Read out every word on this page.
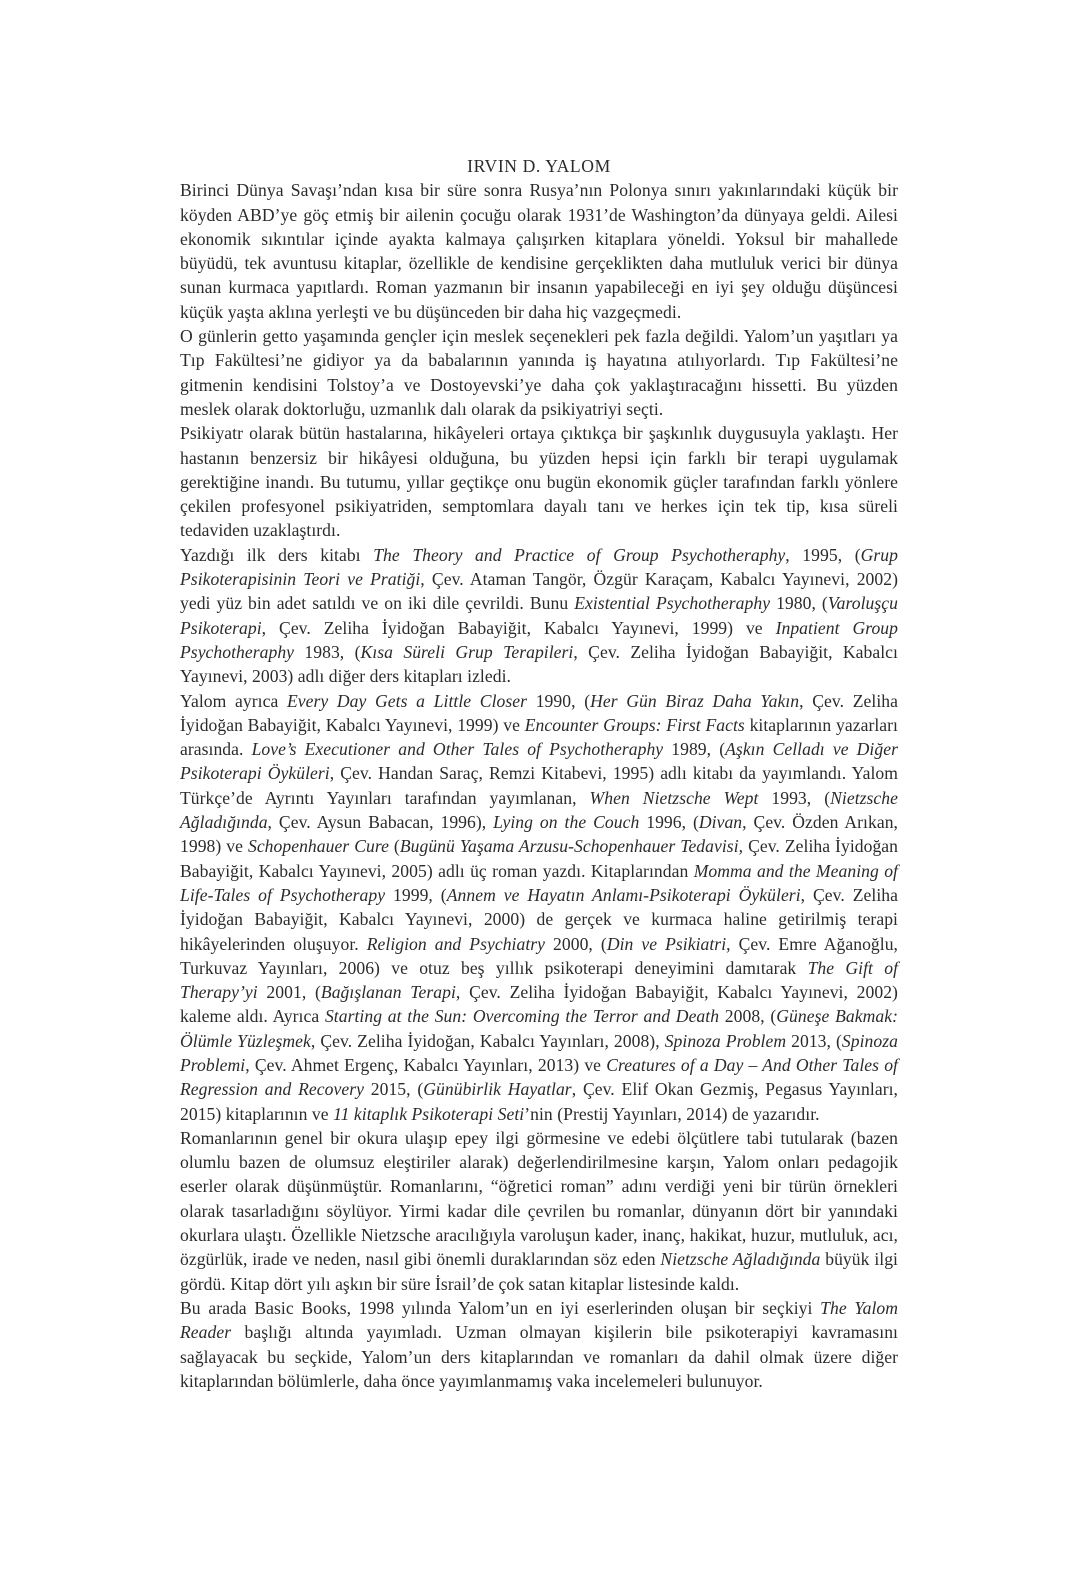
IRVIN D. YALOM

Birinci Dünya Savaşı’ndan kısa bir süre sonra Rusya’nın Polonya sınırı yakınlarındaki küçük bir köyden ABD’ye göç etmiş bir ailenin çocuğu olarak 1931’de Washington’da dünyaya geldi. Ailesi ekonomik sıkıntılar içinde ayakta kalmaya çalışırken kitaplara yöneldi. Yoksul bir mahallede büyüdü, tek avuntusu kitaplar, özellikle de kendisine gerçeklikten daha mutluluk verici bir dünya sunan kurmaca yapıtlardı. Roman yazmanın bir insanın yapabileceği en iyi şey olduğu düşüncesi küçük yaşta aklına yerleşti ve bu düşünceden bir daha hiç vazgeçmedi.

O günlerin getto yaşamında gençler için meslek seçenekleri pek fazla değildi. Yalom’un yaşıtları ya Tıp Fakültesi’ne gidiyor ya da babalarının yanında iş hayatına atılıyorlardı. Tıp Fakültesi’ne gitmenin kendisini Tolstoy’a ve Dostoyevski’ye daha çok yaklaştıracağını hissetti. Bu yüzden meslek olarak doktorluğu, uzmanlık dalı olarak da psikiyatriyi seçti.

Psikiyatr olarak bütün hastalarına, hikâyeleri ortaya çıktıkça bir şaşkınlık duygusuyla yaklaştı. Her hastanın benzersiz bir hikâyesi olduğuna, bu yüzden hepsi için farklı bir terapi uygulamak gerektiğine inandı. Bu tutumu, yıllar geçtikçe onu bugün ekonomik güçler tarafından farklı yönlere çekilen profesyonel psikiyatriden, semptomlara dayalı tanı ve herkes için tek tip, kısa süreli tedaviden uzaklaştırdı.

Yazdığı ilk ders kitabı The Theory and Practice of Group Psychotheraphy, 1995, (Grup Psikoterapisinin Teori ve Pratiği, Çev. Ataman Tangör, Özgür Karaçam, Kabalcı Yayınevi, 2002) yedi yüz bin adet satıldı ve on iki dile çevrildi. Bunu Existential Psychotheraphy 1980, (Varoluşçu Psikoterapi, Çev. Zeliha İyidoğan Babayiğit, Kabalcı Yayınevi, 1999) ve Inpatient Group Psychotheraphy 1983, (Kısa Süreli Grup Terapileri, Çev. Zeliha İyidoğan Babayiğit, Kabalcı Yayınevi, 2003) adlı diğer ders kitapları izledi.

Yalom ayrıca Every Day Gets a Little Closer 1990, (Her Gün Biraz Daha Yakın, Çev. Zeliha İyidoğan Babayiğit, Kabalcı Yayınevi, 1999) ve Encounter Groups: First Facts kitaplarının yazarları arasında. Love’s Executioner and Other Tales of Psychotheraphy 1989, (Aşkın Celladı ve Diğer Psikoterapi Öyküleri, Çev. Handan Saraç, Remzi Kitabevi, 1995) adlı kitabı da yayımlandı. Yalom Türkçe’de Ayrıntı Yayınları tarafından yayımlanan, When Nietzsche Wept 1993, (Nietzsche Ağladığında, Çev. Aysun Babacan, 1996), Lying on the Couch 1996, (Divan, Çev. Özden Arıkan, 1998) ve Schopenhauer Cure (Bugünü Yaşama Arzusu-Schopenhauer Tedavisi, Çev. Zeliha İyidoğan Babayiğit, Kabalcı Yayınevi, 2005) adlı üç roman yazdı. Kitaplarından Momma and the Meaning of Life-Tales of Psychotherapy 1999, (Annem ve Hayatın Anlamı-Psikoterapi Öyküleri, Çev. Zeliha İyidoğan Babayiğit, Kabalcı Yayınevi, 2000) de gerçek ve kurmaca haline getirilmiş terapi hikâyelerinden oluşuyor. Religion and Psychiatry 2000, (Din ve Psikiatri, Çev. Emre Ağanoğlu, Turkuvaz Yayınları, 2006) ve otuz beş yıllık psikoterapi deneyimini damıtarak The Gift of Therapy’yi 2001, (Bağışlanan Terapi, Çev. Zeliha İyidoğan Babayiğit, Kabalcı Yayınevi, 2002) kaleme aldı. Ayrıca Starting at the Sun: Overcoming the Terror and Death 2008, (Güneşe Bakmak: Ölümle Yüzleşmek, Çev. Zeliha İyidoğan, Kabalcı Yayınları, 2008), Spinoza Problem 2013, (Spinoza Problemi, Çev. Ahmet Ergenç, Kabalcı Yayınları, 2013) ve Creatures of a Day – And Other Tales of Regression and Recovery 2015, (Günübirlik Hayatlar, Çev. Elif Okan Gezmiş, Pegasus Yayınları, 2015) kitaplarının ve 11 kitaplık Psikoterapi Seti’nin (Prestij Yayınları, 2014) de yazarıdır.

Romanlarının genel bir okura ulaşıp epey ilgi görmesine ve edebi ölçütlere tabi tutularak (bazen olumlu bazen de olumsuz eleştiriler alarak) değerlendirilmesine karşın, Yalom onları pedagojik eserler olarak düşünmüştür. Romanlarını, “öğretici roman” adını verdiği yeni bir türün örnekleri olarak tasarladığını söylüyor. Yirmi kadar dile çevrilen bu romanlar, dünyanın dört bir yanındaki okurlara ulaştı. Özellikle Nietzsche aracılığıyla varoluşun kader, inanç, hakikat, huzur, mutluluk, acı, özgürlük, irade ve neden, nasıl gibi önemli duraklarından söz eden Nietzsche Ağladığında büyük ilgi gördü. Kitap dört yılı aşkın bir süre İsrail’de çok satan kitaplar listesinde kaldı.

Bu arada Basic Books, 1998 yılında Yalom’un en iyi eserlerinden oluşan bir seçkiyi The Yalom Reader başlığı altında yayımladı. Uzman olmayan kişilerin bile psikoterapiyi kavramasını sağlayacak bu seçkide, Yalom’un ders kitaplarından ve romanları da dahil olmak üzere diğer kitaplarından bölümlerle, daha önce yayımlanmamış vaka incelemeleri bulunuyor.
